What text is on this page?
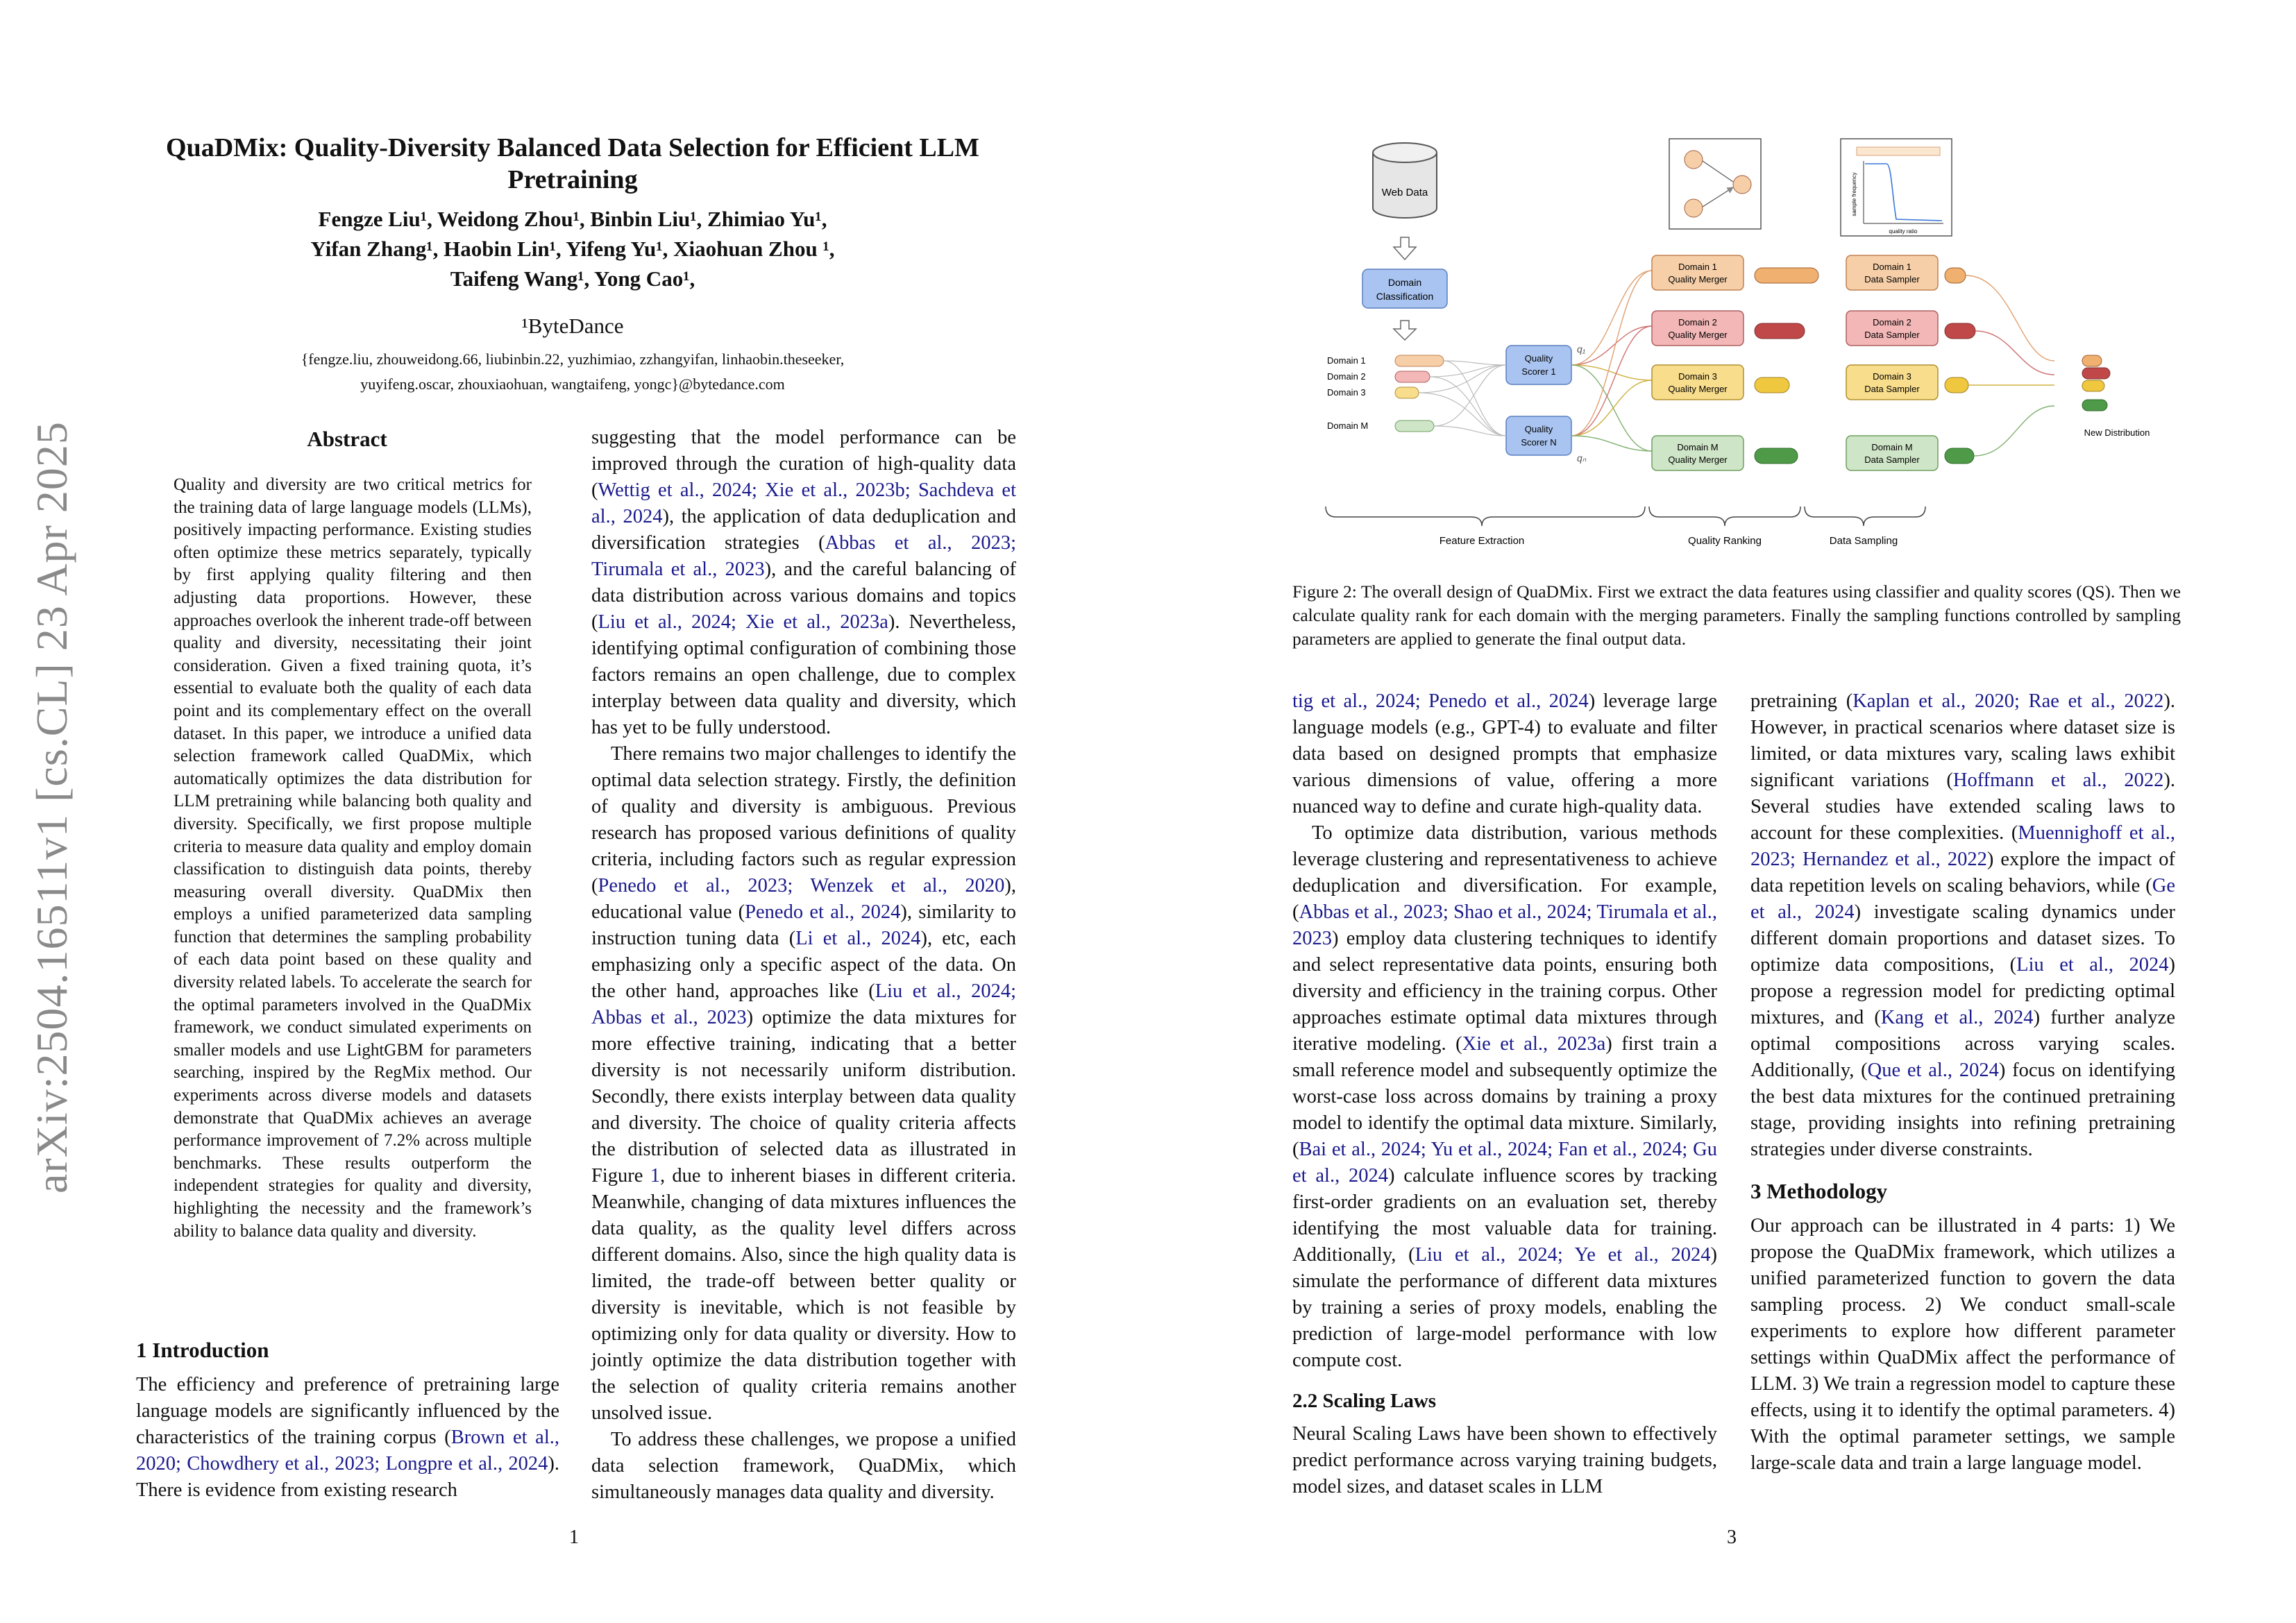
arXiv:2504.16511v1 [cs.CL] 23 Apr 2025
QuaDMix: Quality-Diversity Balanced Data Selection for Efficient LLM
Pretraining
Fengze Liu¹, Weidong Zhou¹, Binbin Liu¹, Zhimiao Yu¹,
Yifan Zhang¹, Haobin Lin¹, Yifeng Yu¹, Xiaohuan Zhou ¹,
Taifeng Wang¹, Yong Cao¹,
¹ByteDance
{fengze.liu, zhouweidong.66, liubinbin.22, yuzhimiao, zzhangyifan, linhaobin.theseeker,
yuyifeng.oscar, zhouxiaohuan, wangtaifeng, yongc}@bytedance.com
Abstract
Quality and diversity are two critical metrics for the training data of large language models (LLMs), positively impacting performance. Existing studies often optimize these metrics separately, typically by first applying quality filtering and then adjusting data proportions. However, these approaches overlook the inherent trade-off between quality and diversity, necessitating their joint consideration. Given a fixed training quota, it’s essential to evaluate both the quality of each data point and its complementary effect on the overall dataset. In this paper, we introduce a unified data selection framework called QuaDMix, which automatically optimizes the data distribution for LLM pretraining while balancing both quality and diversity. Specifically, we first propose multiple criteria to measure data quality and employ domain classification to distinguish data points, thereby measuring overall diversity. QuaDMix then employs a unified parameterized data sampling function that determines the sampling probability of each data point based on these quality and diversity related labels. To accelerate the search for the optimal parameters involved in the QuaDMix framework, we conduct simulated experiments on smaller models and use LightGBM for parameters searching, inspired by the RegMix method. Our experiments across diverse models and datasets demonstrate that QuaDMix achieves an average performance improvement of 7.2% across multiple benchmarks. These results outperform the independent strategies for quality and diversity, highlighting the necessity and the framework’s ability to balance data quality and diversity.
1 Introduction

The efficiency and preference of pretraining large language models are significantly influenced by the characteristics of the training corpus (Brown et al., 2020; Chowdhery et al., 2023; Longpre et al., 2024). There is evidence from existing research

suggesting that the model performance can be improved through the curation of high-quality data (Wettig et al., 2024; Xie et al., 2023b; Sachdeva et al., 2024), the application of data deduplication and diversification strategies (Abbas et al., 2023; Tirumala et al., 2023), and the careful balancing of data distribution across various domains and topics (Liu et al., 2024; Xie et al., 2023a). Nevertheless, identifying optimal configuration of combining those factors remains an open challenge, due to complex interplay between data quality and diversity, which has yet to be fully understood.

There remains two major challenges to identify the optimal data selection strategy. Firstly, the definition of quality and diversity is ambiguous. Previous research has proposed various definitions of quality criteria, including factors such as regular expression (Penedo et al., 2023; Wenzek et al., 2020), educational value (Penedo et al., 2024), similarity to instruction tuning data (Li et al., 2024), etc, each emphasizing only a specific aspect of the data. On the other hand, approaches like (Liu et al., 2024; Abbas et al., 2023) optimize the data mixtures for more effective training, indicating that a better diversity is not necessarily uniform distribution. Secondly, there exists interplay between data quality and diversity. The choice of quality criteria affects the distribution of selected data as illustrated in Figure 1, due to inherent biases in different criteria. Meanwhile, changing of data mixtures influences the data quality, as the quality level differs across different domains. Also, since the high quality data is limited, the trade-off between better quality or diversity is inevitable, which is not feasible by optimizing only for data quality or diversity. How to jointly optimize the data distribution together with the selection of quality criteria remains another unsolved issue.

To address these challenges, we propose a unified data selection framework, QuaDMix, which simultaneously manages data quality and diversity.

1
Web Data
Domain
Classification
Domain 1
Domain 2
Domain 3
Domain M
Quality
Scorer 1
Quality
Scorer N
q₁
qₙ
quality ratio
sample frequency
Domain 1
Quality Merger
Domain 2
Quality Merger
Domain 3
Quality Merger
Domain M
Quality Merger
Domain 1
Data Sampler
Domain 2
Data Sampler
Domain 3
Data Sampler
Domain M
Data Sampler
New Distribution
Feature Extraction	Quality Ranking	Data Sampling
Figure 2: The overall design of QuaDMix. First we extract the data features using classifier and quality scores (QS). Then we calculate quality rank for each domain with the merging parameters. Finally the sampling functions controlled by sampling parameters are applied to generate the final output data.

tig et al., 2024; Penedo et al., 2024) leverage large language models (e.g., GPT-4) to evaluate and filter data based on designed prompts that emphasize various dimensions of value, offering a more nuanced way to define and curate high-quality data.

To optimize data distribution, various methods leverage clustering and representativeness to achieve deduplication and diversification. For example, (Abbas et al., 2023; Shao et al., 2024; Tirumala et al., 2023) employ data clustering techniques to identify and select representative data points, ensuring both diversity and efficiency in the training corpus. Other approaches estimate optimal data mixtures through iterative modeling. (Xie et al., 2023a) first train a small reference model and subsequently optimize the worst-case loss across domains by training a proxy model to identify the optimal data mixture. Similarly, (Bai et al., 2024; Yu et al., 2024; Fan et al., 2024; Gu et al., 2024) calculate influence scores by tracking first-order gradients on an evaluation set, thereby identifying the most valuable data for training. Additionally, (Liu et al., 2024; Ye et al., 2024) simulate the performance of different data mixtures by training a series of proxy models, enabling the prediction of large-model performance with low compute cost.

2.2 Scaling Laws

Neural Scaling Laws have been shown to effectively predict performance across varying training budgets, model sizes, and dataset scales in LLM

pretraining (Kaplan et al., 2020; Rae et al., 2022). However, in practical scenarios where dataset size is limited, or data mixtures vary, scaling laws exhibit significant variations (Hoffmann et al., 2022). Several studies have extended scaling laws to account for these complexities. (Muennighoff et al., 2023; Hernandez et al., 2022) explore the impact of data repetition levels on scaling behaviors, while (Ge et al., 2024) investigate scaling dynamics under different domain proportions and dataset sizes. To optimize data compositions, (Liu et al., 2024) propose a regression model for predicting optimal mixtures, and (Kang et al., 2024) further analyze optimal compositions across varying scales. Additionally, (Que et al., 2024) focus on identifying the best data mixtures for the continued pretraining stage, providing insights into refining pretraining strategies under diverse constraints.

3 Methodology

Our approach can be illustrated in 4 parts: 1) We propose the QuaDMix framework, which utilizes a unified parameterized function to govern the data sampling process. 2) We conduct small-scale experiments to explore how different parameter settings within QuaDMix affect the performance of LLM. 3) We train a regression model to capture these effects, using it to identify the optimal parameters. 4) With the optimal parameter settings, we sample large-scale data and train a large language model.

3
